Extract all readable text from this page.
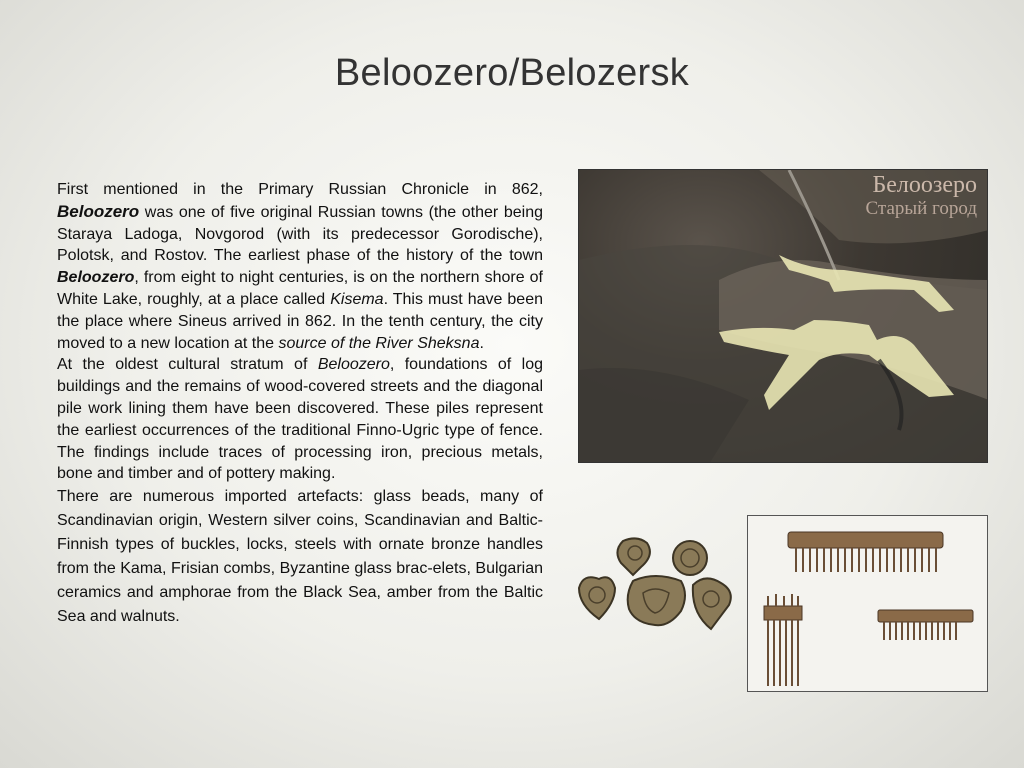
Beloozero/Belozersk

First mentioned in the Primary Russian Chronicle in 862, Beloozero was one of five original Russian towns (the other being Staraya Ladoga, Novgorod (with its predecessor Gorodische), Polotsk, and Rostov. The earliest phase of the history of the town Beloozero, from eight to night centuries, is on the northern shore of White Lake, roughly, at a place called Kisema. This must have been the place where Sineus arrived in 862. In the tenth century, the city moved to a new location at the source of the River Sheksna.

At the oldest cultural stratum of Beloozero, foundations of log buildings and the remains of wood-covered streets and the diagonal pile work lining them have been discovered. These piles represent the earliest occurrences of the traditional Finno-Ugric type of fence. The findings include traces of processing iron, precious metals, bone and timber and of pottery making.

There are numerous imported artefacts: glass beads, many of Scandinavian origin, Western silver coins, Scandinavian and Baltic-Finnish types of buckles, locks, steels with ornate bronze handles from the Kama, Frisian combs, Byzantine glass brac-elets, Bulgarian ceramics and amphorae from the Black Sea, amber from the Baltic Sea and walnuts.

Белоозеро
Старый город
